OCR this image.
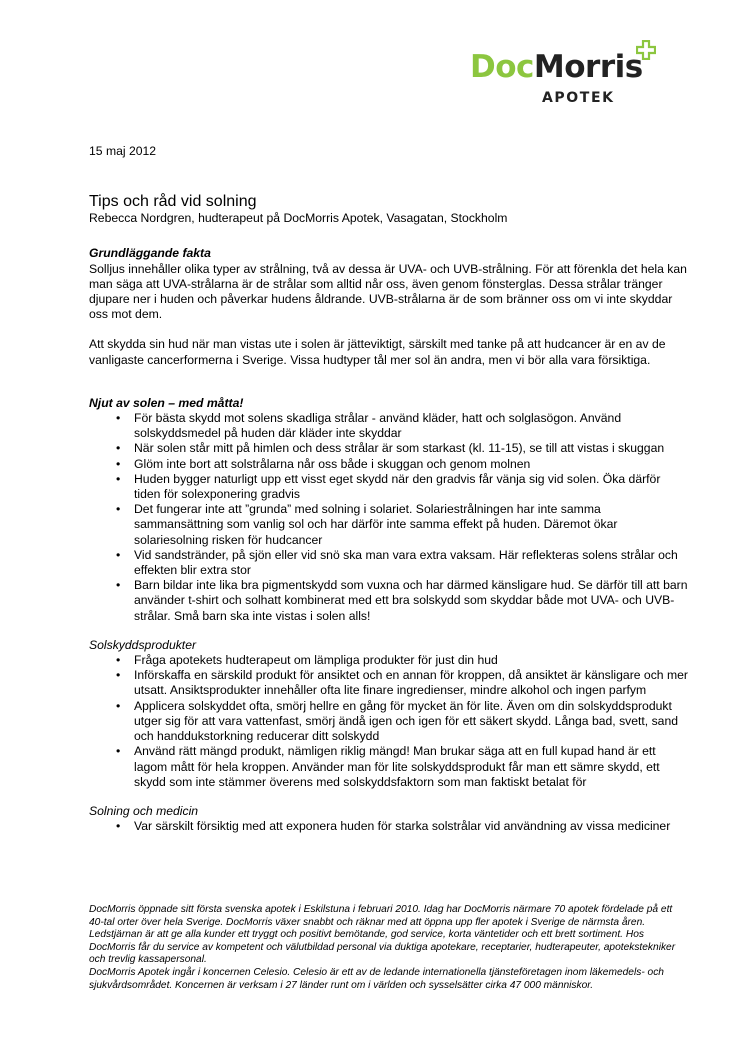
DocMorris
APOTEK

15 maj 2012

Tips och råd vid solning

Rebecca Nordgren, hudterapeut på DocMorris Apotek, Vasagatan, Stockholm

Grundläggande fakta

Solljus innehåller olika typer av strålning, två av dessa är UVA- och UVB-strålning. För att förenkla det hela kan man säga att UVA-strålarna är de strålar som alltid når oss, även genom fönsterglas. Dessa strålar tränger djupare ner i huden och påverkar hudens åldrande. UVB-strålarna är de som bränner oss om vi inte skyddar oss mot dem.

Att skydda sin hud när man vistas ute i solen är jätteviktigt, särskilt med tanke på att hudcancer är en av de vanligaste cancerformerna i Sverige. Vissa hudtyper tål mer sol än andra, men vi bör alla vara försiktiga.

Njut av solen – med måtta!

• För bästa skydd mot solens skadliga strålar - använd kläder, hatt och solglasögon. Använd solskyddsmedel på huden där kläder inte skyddar
• När solen står mitt på himlen och dess strålar är som starkast (kl. 11-15), se till att vistas i skuggan
• Glöm inte bort att solstrålarna når oss både i skuggan och genom molnen
• Huden bygger naturligt upp ett visst eget skydd när den gradvis får vänja sig vid solen. Öka därför tiden för solexponering gradvis
• Det fungerar inte att ”grunda” med solning i solariet. Solariestrålningen har inte samma sammansättning som vanlig sol och har därför inte samma effekt på huden. Däremot ökar solariesolning risken för hudcancer
• Vid sandstränder, på sjön eller vid snö ska man vara extra vaksam. Här reflekteras solens strålar och effekten blir extra stor
• Barn bildar inte lika bra pigmentskydd som vuxna och har därmed känsligare hud. Se därför till att barn använder t-shirt och solhatt kombinerat med ett bra solskydd som skyddar både mot UVA- och UVB-strålar. Små barn ska inte vistas i solen alls!

Solskyddsprodukter

• Fråga apotekets hudterapeut om lämpliga produkter för just din hud
• Införskaffa en särskild produkt för ansiktet och en annan för kroppen, då ansiktet är känsligare och mer utsatt. Ansiktsprodukter innehåller ofta lite finare ingredienser, mindre alkohol och ingen parfym
• Applicera solskyddet ofta, smörj hellre en gång för mycket än för lite. Även om din solskyddsprodukt utger sig för att vara vattenfast, smörj ändå igen och igen för ett säkert skydd. Långa bad, svett, sand och handdukstorkning reducerar ditt solskydd
• Använd rätt mängd produkt, nämligen riklig mängd! Man brukar säga att en full kupad hand är ett lagom mått för hela kroppen. Använder man för lite solskyddsprodukt får man ett sämre skydd, ett skydd som inte stämmer överens med solskyddsfaktorn som man faktiskt betalat för

Solning och medicin

• Var särskilt försiktig med att exponera huden för starka solstrålar vid användning av vissa mediciner

DocMorris öppnade sitt första svenska apotek i Eskilstuna i februari 2010. Idag har DocMorris närmare 70 apotek fördelade på ett 40-tal orter över hela Sverige. DocMorris växer snabbt och räknar med att öppna upp fler apotek i Sverige de närmsta åren. Ledstjärnan är att ge alla kunder ett tryggt och positivt bemötande, god service, korta väntetider och ett brett sortiment. Hos DocMorris får du service av kompetent och välutbildad personal via duktiga apotekare, receptarier, hudterapeuter, apotekstekniker och trevlig kassapersonal.

DocMorris Apotek ingår i koncernen Celesio. Celesio är ett av de ledande internationella tjänsteföretagen inom läkemedels- och sjukvårdsområdet. Koncernen är verksam i 27 länder runt om i världen och sysselsätter cirka 47 000 människor.
